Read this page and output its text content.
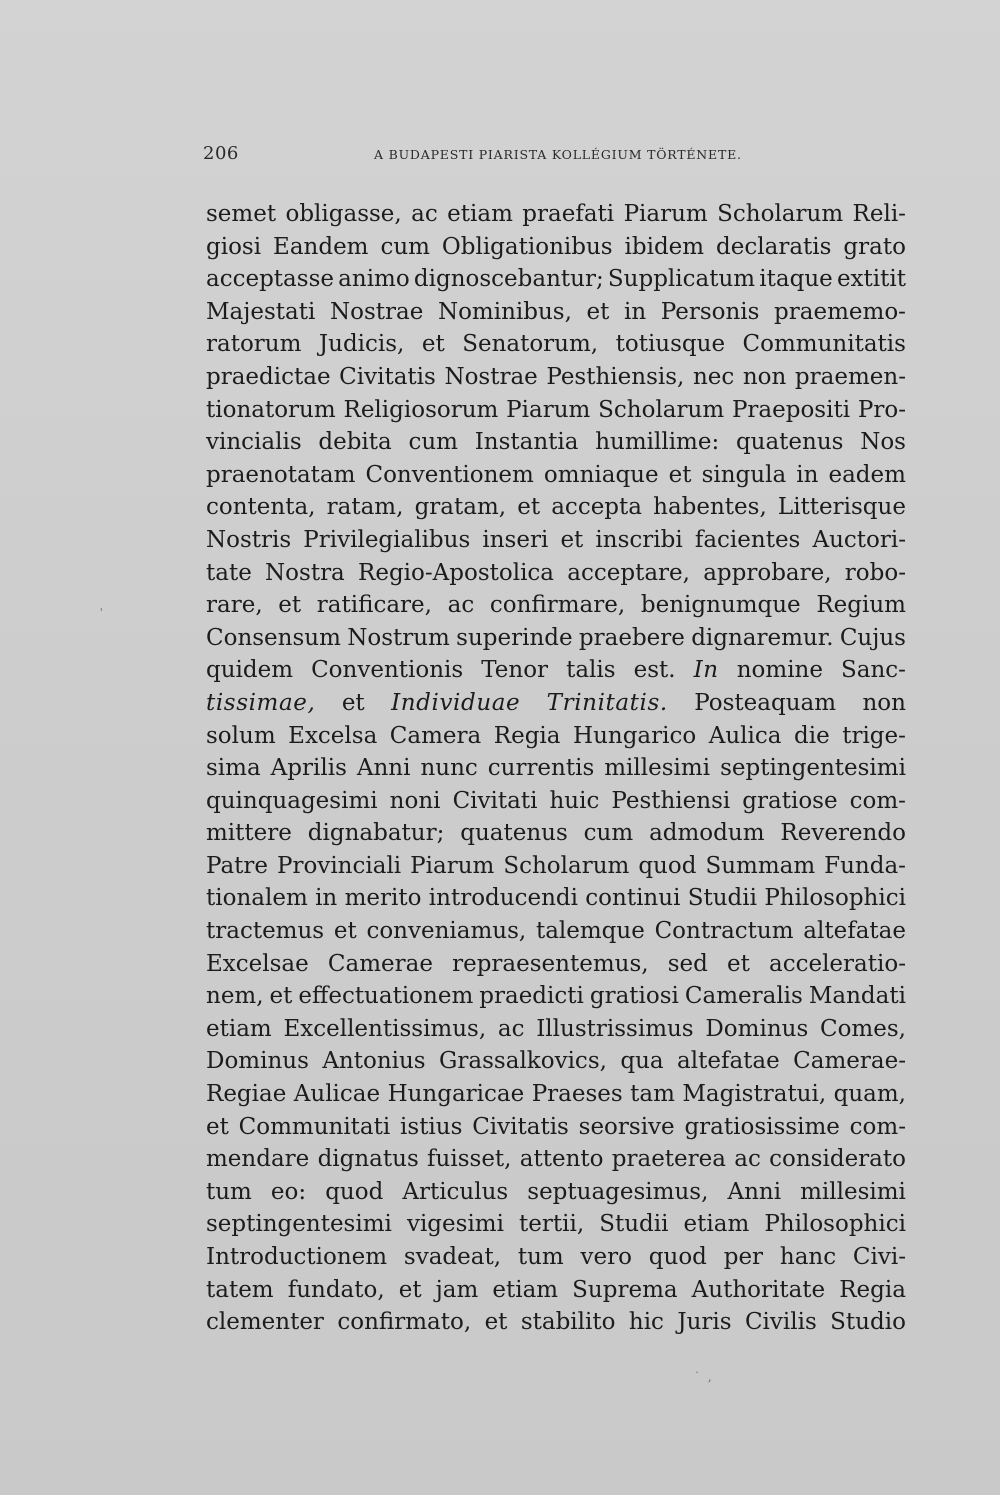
206	A BUDAPESTI PIARISTA KOLLÉGIUM TÖRTÉNETE.
semet obligasse, ac etiam praefati Piarum Scholarum Reli-
giosi Eandem cum Obligationibus ibidem declaratis grato
acceptasse animo dignoscebantur; Supplicatum itaque extitit
Majestati Nostrae Nominibus, et in Personis praememo-
ratorum Judicis, et Senatorum, totiusque Communitatis
praedictae Civitatis Nostrae Pesthiensis, nec non praemen-
tionatorum Religiosorum Piarum Scholarum Praepositi Pro-
vincialis debita cum Instantia humillime: quatenus Nos
praenotatam Conventionem omniaque et singula in eadem
contenta, ratam, gratam, et accepta habentes, Litterisque
Nostris Privilegialibus inseri et inscribi facientes Auctori-
tate Nostra Regio-Apostolica acceptare, approbare, robo-
rare, et ratificare, ac confirmare, benignumque Regium
Consensum Nostrum superinde praebere dignaremur. Cujus
quidem Conventionis Tenor talis est. In nomine Sanc-
tissimae, et Individuae Trinitatis. Posteaquam non
solum Excelsa Camera Regia Hungarico Aulica die trige-
sima Aprilis Anni nunc currentis millesimi septingentesimi
quinquagesimi noni Civitati huic Pesthiensi gratiose com-
mittere dignabatur; quatenus cum admodum Reverendo
Patre Provinciali Piarum Scholarum quod Summam Funda-
tionalem in merito introducendi continui Studii Philosophici
tractemus et conveniamus, talemque Contractum altefatae
Excelsae Camerae repraesentemus, sed et acceleratio-
nem, et effectuationem praedicti gratiosi Cameralis Mandati
etiam Excellentissimus, ac Illustrissimus Dominus Comes,
Dominus Antonius Grassalkovics, qua altefatae Camerae-
Regiae Aulicae Hungaricae Praeses tam Magistratui, quam,
et Communitati istius Civitatis seorsive gratiosissime com-
mendare dignatus fuisset, attento praeterea ac considerato
tum eo: quod Articulus septuagesimus, Anni millesimi
septingentesimi vigesimi tertii, Studii etiam Philosophici
Introductionem svadeat, tum vero quod per hanc Civi-
tatem fundato, et jam etiam Suprema Authoritate Regia
clementer confirmato, et stabilito hic Juris Civilis Studio
˒
˙ ,
